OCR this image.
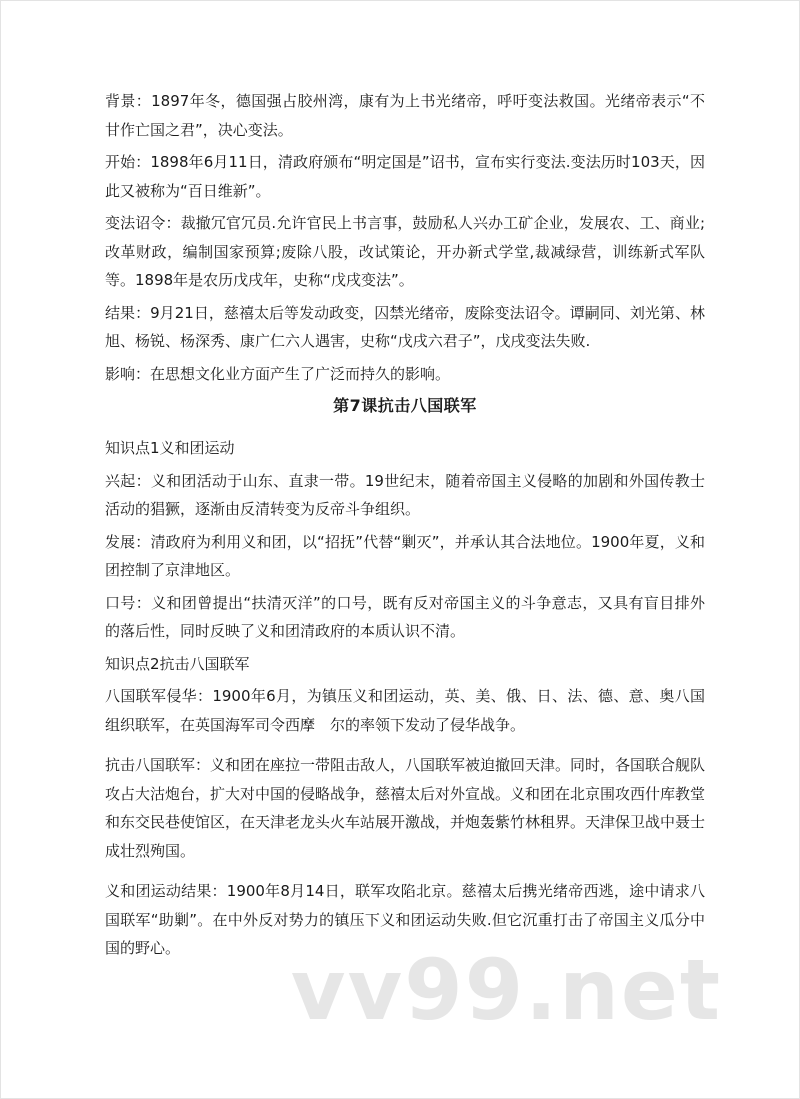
背景：1897年冬，德国强占胶州湾，康有为上书光绪帝，呼吁变法救国。光绪帝表示“不甘作亡国之君”，决心变法。

开始：1898年6月11日，清政府颁布“明定国是”诏书，宣布实行变法.变法历时103天，因此又被称为“百日维新”。

变法诏令：裁撤冗官冗员.允许官民上书言事，鼓励私人兴办工矿企业，发展农、工、商业;改革财政，编制国家预算;废除八股，改试策论，开办新式学堂,裁减绿营，训练新式军队等。1898年是农历戊戌年，史称“戊戌变法”。

结果：9月21日，慈禧太后等发动政变，囚禁光绪帝，废除变法诏令。谭嗣同、刘光第、林旭、杨锐、杨深秀、康广仁六人遇害，史称“戊戌六君子”，戊戌变法失败.

影响：在思想文化业方面产生了广泛而持久的影响。

第7课抗击八国联军

知识点1义和团运动

兴起：义和团活动于山东、直隶一带。19世纪末，随着帝国主义侵略的加剧和外国传教士活动的猖獗，逐渐由反清转变为反帝斗争组织。

发展：清政府为利用义和团，以“招抚”代替“剿灭”，并承认其合法地位。1900年夏，义和团控制了京津地区。

口号：义和团曾提出“扶清灭洋”的口号，既有反对帝国主义的斗争意志，又具有盲目排外的落后性，同时反映了义和团清政府的本质认识不清。

知识点2抗击八国联军

八国联军侵华：1900年6月，为镇压义和团运动，英、美、俄、日、法、德、意、奥八国组织联军，在英国海军司令西摩　尔的率领下发动了侵华战争。

抗击八国联军：义和团在座拉一带阻击敌人，八国联军被迫撤回天津。同时，各国联合舰队攻占大沽炮台，扩大对中国的侵略战争，慈禧太后对外宣战。义和团在北京围攻西什库教堂和东交民巷使馆区，在天津老龙头火车站展开激战，并炮轰紫竹林租界。天津保卫战中聂士成壮烈殉国。

义和团运动结果：1900年8月14日，联军攻陷北京。慈禧太后携光绪帝西逃，途中请求八国联军“助剿”。在中外反对势力的镇压下义和团运动失败.但它沉重打击了帝国主义瓜分中国的野心。	vv99.net
